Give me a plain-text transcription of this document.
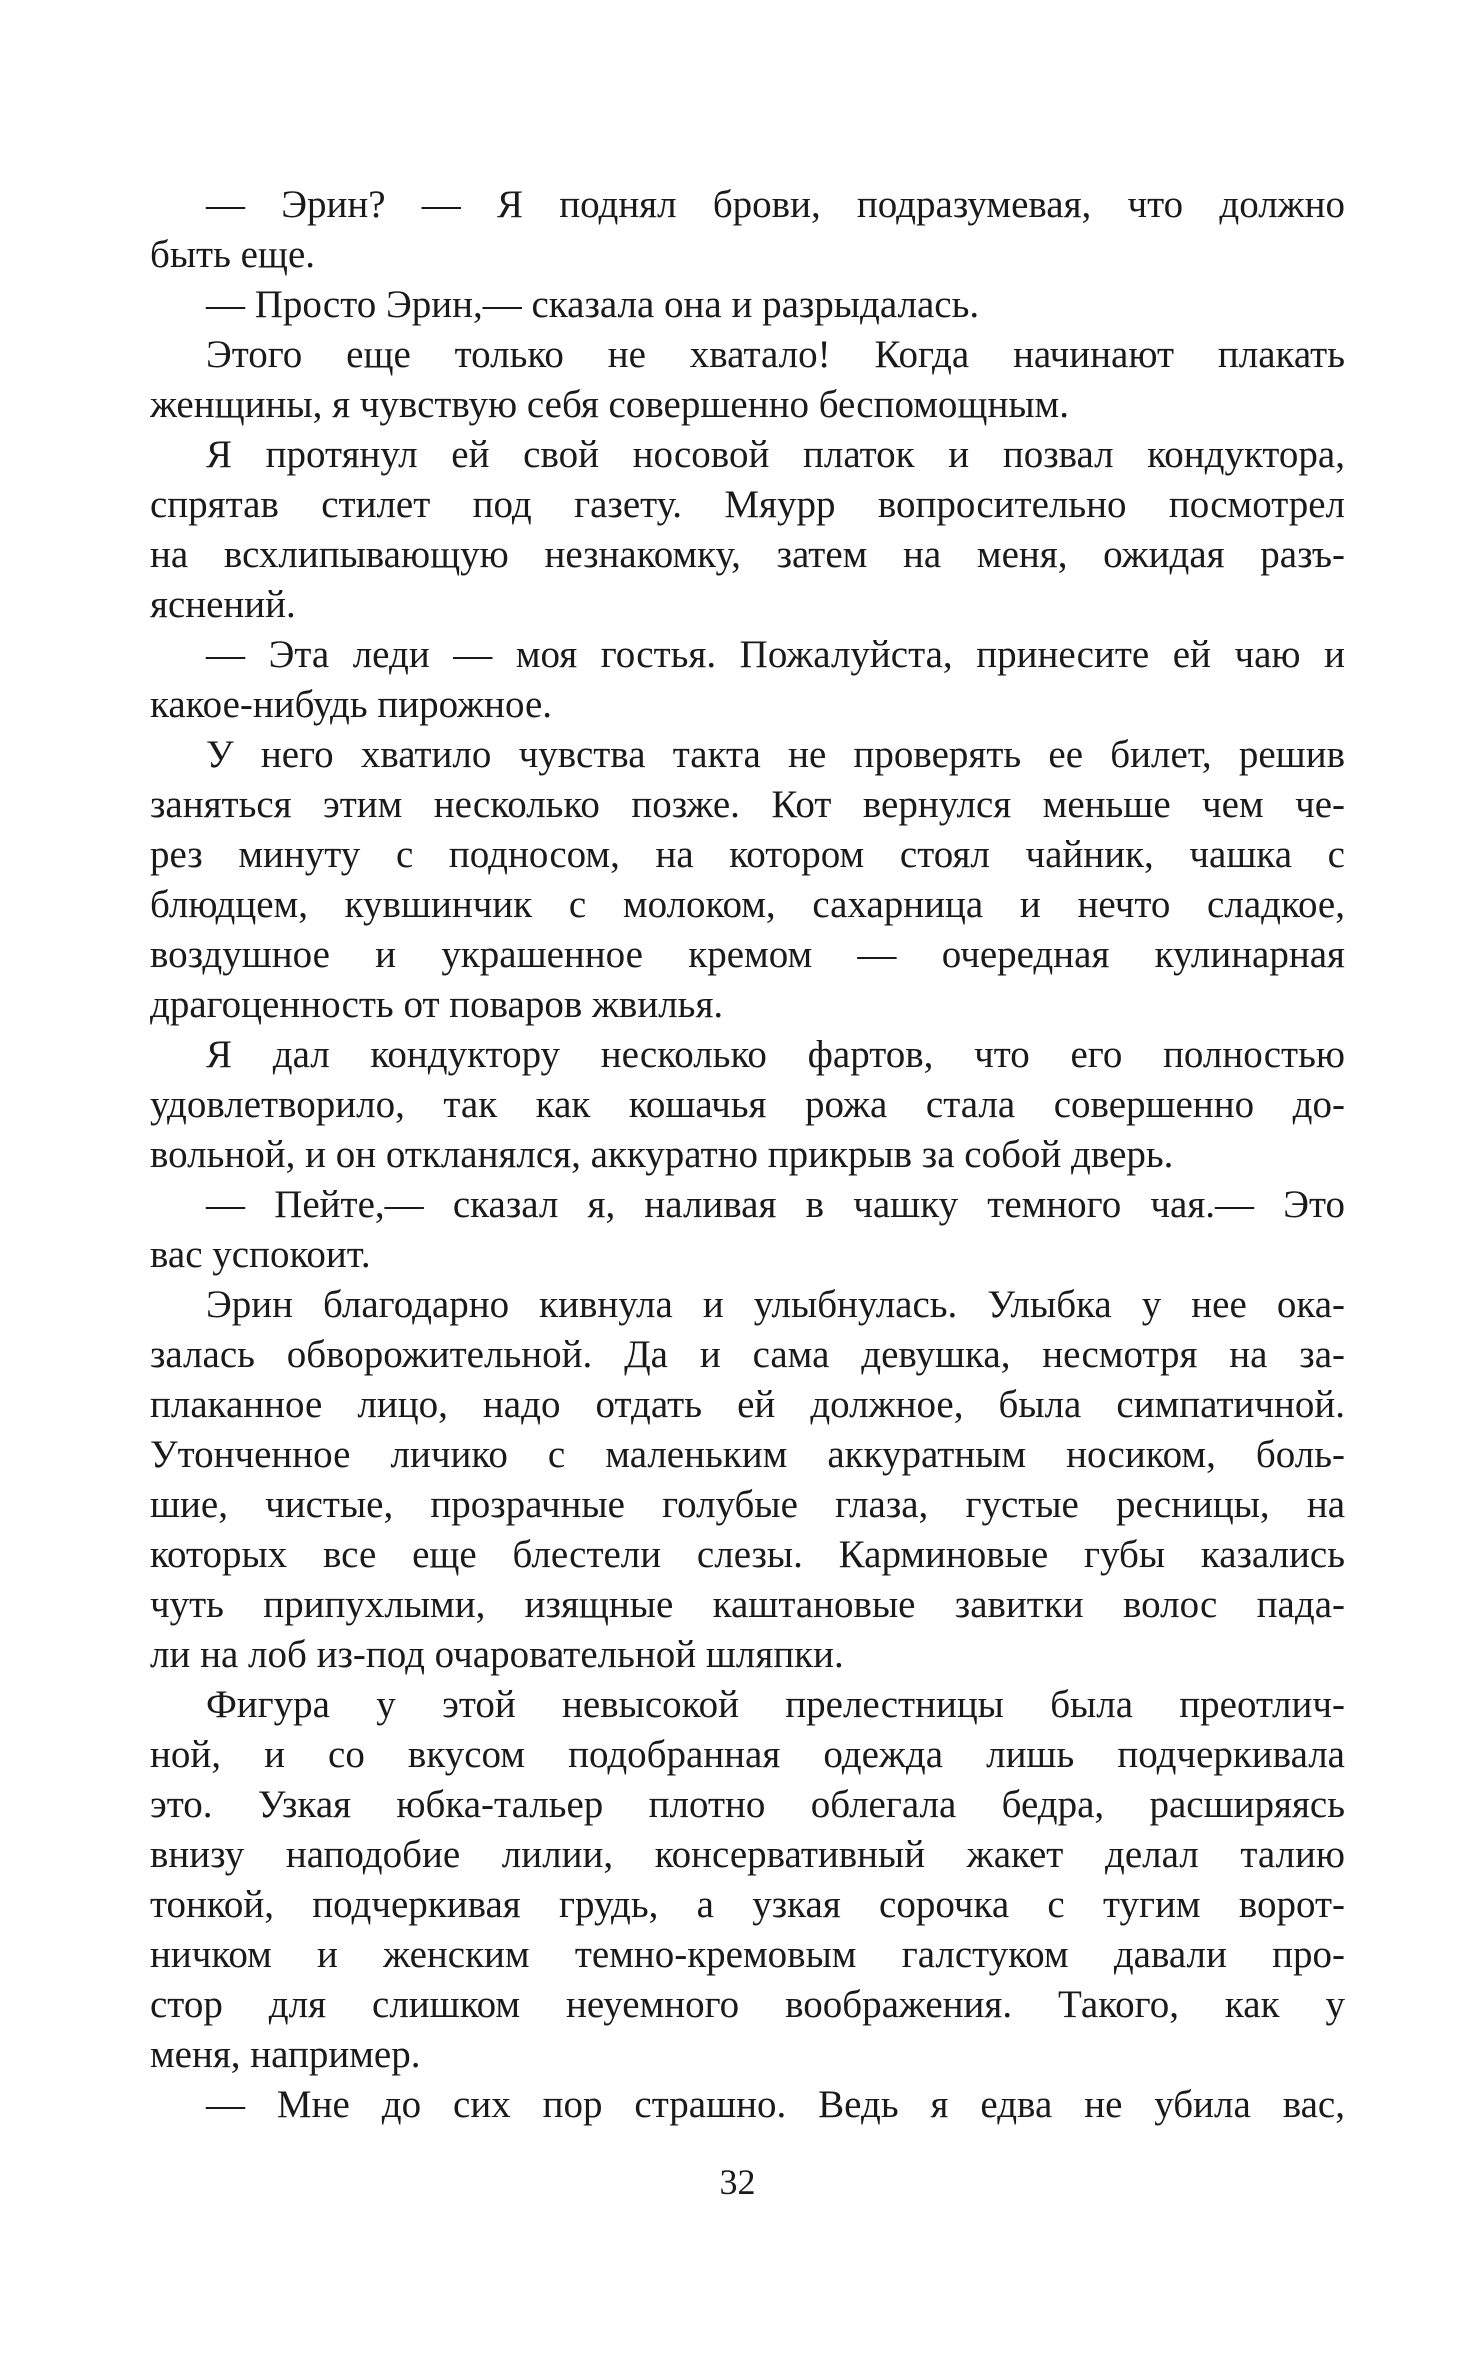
— Эрин? — Я поднял брови, подразумевая, что должно
быть еще.
— Просто Эрин,— сказала она и разрыдалась.
Этого еще только не хватало! Когда начинают плакать
женщины, я чувствую себя совершенно беспомощным.
Я протянул ей свой носовой платок и позвал кондуктора,
спрятав стилет под газету. Мяурр вопросительно посмотрел
на всхлипывающую незнакомку, затем на меня, ожидая разъ-
яснений.
— Эта леди — моя гостья. Пожалуйста, принесите ей чаю и
какое-нибудь пирожное.
У него хватило чувства такта не проверять ее билет, решив
заняться этим несколько позже. Кот вернулся меньше чем че-
рез минуту с подносом, на котором стоял чайник, чашка с
блюдцем, кувшинчик с молоком, сахарница и нечто сладкое,
воздушное и украшенное кремом — очередная кулинарная
драгоценность от поваров жвилья.
Я дал кондуктору несколько фартов, что его полностью
удовлетворило, так как кошачья рожа стала совершенно до-
вольной, и он откланялся, аккуратно прикрыв за собой дверь.
— Пейте,— сказал я, наливая в чашку темного чая.— Это
вас успокоит.
Эрин благодарно кивнула и улыбнулась. Улыбка у нее ока-
залась обворожительной. Да и сама девушка, несмотря на за-
плаканное лицо, надо отдать ей должное, была симпатичной.
Утонченное личико с маленьким аккуратным носиком, боль-
шие, чистые, прозрачные голубые глаза, густые ресницы, на
которых все еще блестели слезы. Карминовые губы казались
чуть припухлыми, изящные каштановые завитки волос пада-
ли на лоб из-под очаровательной шляпки.
Фигура у этой невысокой прелестницы была преотлич-
ной, и со вкусом подобранная одежда лишь подчеркивала
это. Узкая юбка-тальер плотно облегала бедра, расширяясь
внизу наподобие лилии, консервативный жакет делал талию
тонкой, подчеркивая грудь, а узкая сорочка с тугим ворот-
ничком и женским темно-кремовым галстуком давали про-
стор для слишком неуемного воображения. Такого, как у
меня, например.
— Мне до сих пор страшно. Ведь я едва не убила вас,
32
